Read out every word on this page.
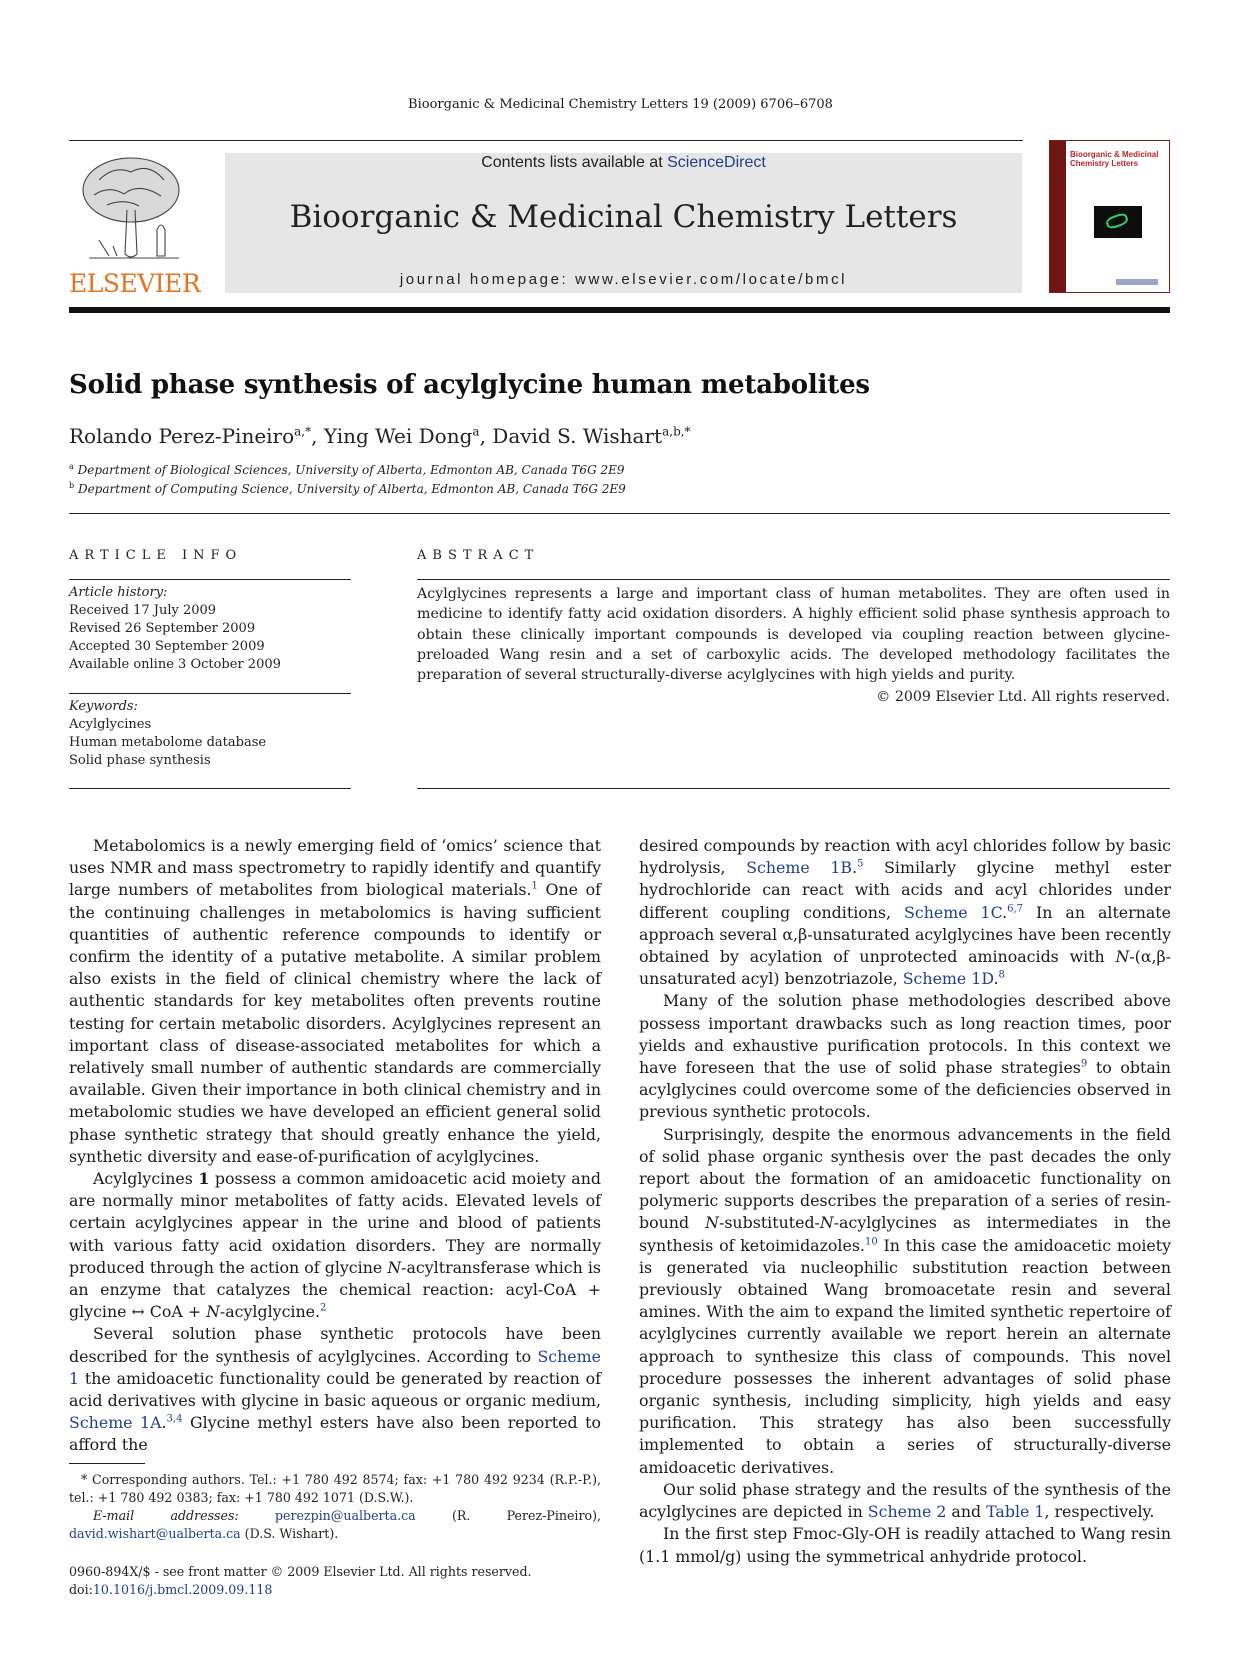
Bioorganic & Medicinal Chemistry Letters 19 (2009) 6706–6708
ELSEVIER
Contents lists available at ScienceDirect
Bioorganic & Medicinal Chemistry Letters
journal homepage: www.elsevier.com/locate/bmcl
Bioorganic & Medicinal Chemistry Letters
Solid phase synthesis of acylglycine human metabolites
Rolando Perez-Pineiro$^{a,*}$, Ying Wei Dong$^a$, David S. Wishart$^{a,b,*}$
$^a$ Department of Biological Sciences, University of Alberta, Edmonton AB, Canada T6G 2E9
$^b$ Department of Computing Science, University of Alberta, Edmonton AB, Canada T6G 2E9
ARTICLE INFO
Article history:
Received 17 July 2009
Revised 26 September 2009
Accepted 30 September 2009
Available online 3 October 2009
Keywords:
Acylglycines
Human metabolome database
Solid phase synthesis
ABSTRACT
Acylglycines represents a large and important class of human metabolites. They are often used in medicine to identify fatty acid oxidation disorders. A highly efficient solid phase synthesis approach to obtain these clinically important compounds is developed via coupling reaction between glycine-preloaded Wang resin and a set of carboxylic acids. The developed methodology facilitates the preparation of several structurally-diverse acylglycines with high yields and purity.
© 2009 Elsevier Ltd. All rights reserved.

Metabolomics is a newly emerging field of ‘omics’ science that uses NMR and mass spectrometry to rapidly identify and quantify large numbers of metabolites from biological materials.$^1$ One of the continuing challenges in metabolomics is having sufficient quantities of authentic reference compounds to identify or confirm the identity of a putative metabolite. A similar problem also exists in the field of clinical chemistry where the lack of authentic standards for key metabolites often prevents routine testing for certain metabolic disorders. Acylglycines represent an important class of disease-associated metabolites for which a relatively small number of authentic standards are commercially available. Given their importance in both clinical chemistry and in metabolomic studies we have developed an efficient general solid phase synthetic strategy that should greatly enhance the yield, synthetic diversity and ease-of-purification of acylglycines.

Acylglycines 1 possess a common amidoacetic acid moiety and are normally minor metabolites of fatty acids. Elevated levels of certain acylglycines appear in the urine and blood of patients with various fatty acid oxidation disorders. They are normally produced through the action of glycine N-acyltransferase which is an enzyme that catalyzes the chemical reaction: acyl-CoA + glycine ↔ CoA + N-acylglycine.$^2$

Several solution phase synthetic protocols have been described for the synthesis of acylglycines. According to Scheme 1 the amidoacetic functionality could be generated by reaction of acid derivatives with glycine in basic aqueous or organic medium, Scheme 1A.$^{3,4}$ Glycine methyl esters have also been reported to afford the

desired compounds by reaction with acyl chlorides follow by basic hydrolysis, Scheme 1B.$^5$ Similarly glycine methyl ester hydrochloride can react with acids and acyl chlorides under different coupling conditions, Scheme 1C.$^{6,7}$ In an alternate approach several α,β-unsaturated acylglycines have been recently obtained by acylation of unprotected aminoacids with N-(α,β-unsaturated acyl) benzotriazole, Scheme 1D.$^8$

Many of the solution phase methodologies described above possess important drawbacks such as long reaction times, poor yields and exhaustive purification protocols. In this context we have foreseen that the use of solid phase strategies$^9$ to obtain acylglycines could overcome some of the deficiencies observed in previous synthetic protocols.

Surprisingly, despite the enormous advancements in the field of solid phase organic synthesis over the past decades the only report about the formation of an amidoacetic functionality on polymeric supports describes the preparation of a series of resin-bound N-substituted-N-acylglycines as intermediates in the synthesis of ketoimidazoles.$^{10}$ In this case the amidoacetic moiety is generated via nucleophilic substitution reaction between previously obtained Wang bromoacetate resin and several amines. With the aim to expand the limited synthetic repertoire of acylglycines currently available we report herein an alternate approach to synthesize this class of compounds. This novel procedure possesses the inherent advantages of solid phase organic synthesis, including simplicity, high yields and easy purification. This strategy has also been successfully implemented to obtain a series of structurally-diverse amidoacetic derivatives.

Our solid phase strategy and the results of the synthesis of the acylglycines are depicted in Scheme 2 and Table 1, respectively.

In the first step Fmoc-Gly-OH is readily attached to Wang resin (1.1 mmol/g) using the symmetrical anhydride protocol.

* Corresponding authors. Tel.: +1 780 492 8574; fax: +1 780 492 9234 (R.P.-P.), tel.: +1 780 492 0383; fax: +1 780 492 1071 (D.S.W.).
E-mail addresses:	perezpin@ualberta.ca (R. Perez-Pineiro), david.wishart@ualberta.ca (D.S. Wishart).
0960-894X/$ - see front matter © 2009 Elsevier Ltd. All rights reserved.
doi:10.1016/j.bmcl.2009.09.118
